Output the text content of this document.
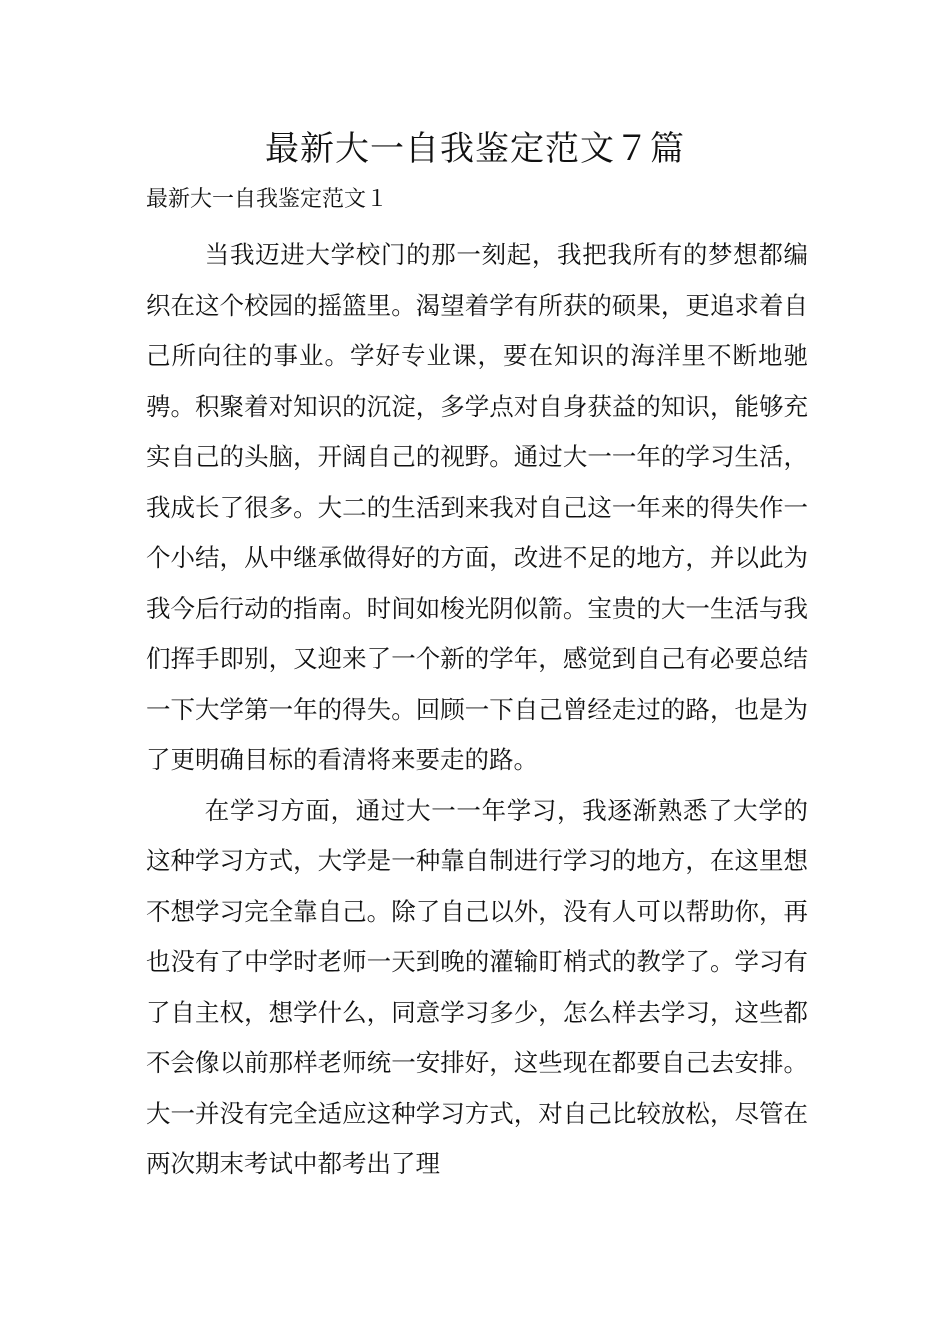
最新大一自我鉴定范文７篇
最新大一自我鉴定范文１

当我迈进大学校门的那一刻起，我把我所有的梦想都编织在这个校园的摇篮里。渴望着学有所获的硕果，更追求着自己所向往的事业。学好专业课，要在知识的海洋里不断地驰骋。积聚着对知识的沉淀，多学点对自身获益的知识，能够充实自己的头脑，开阔自己的视野。通过大一一年的学习生活，我成长了很多。大二的生活到来我对自己这一年来的得失作一个小结，从中继承做得好的方面，改进不足的地方，并以此为我今后行动的指南。时间如梭光阴似箭。宝贵的大一生活与我们挥手即别，又迎来了一个新的学年，感觉到自己有必要总结一下大学第一年的得失。回顾一下自己曾经走过的路，也是为了更明确目标的看清将来要走的路。

在学习方面，通过大一一年学习，我逐渐熟悉了大学的这种学习方式，大学是一种靠自制进行学习的地方，在这里想不想学习完全靠自己。除了自己以外，没有人可以帮助你，再也没有了中学时老师一天到晚的灌输盯梢式的教学了。学习有了自主权，想学什么，同意学习多少，怎么样去学习，这些都不会像以前那样老师统一安排好，这些现在都要自己去安排。大一并没有完全适应这种学习方式，对自己比较放松，尽管在两次期末考试中都考出了理
